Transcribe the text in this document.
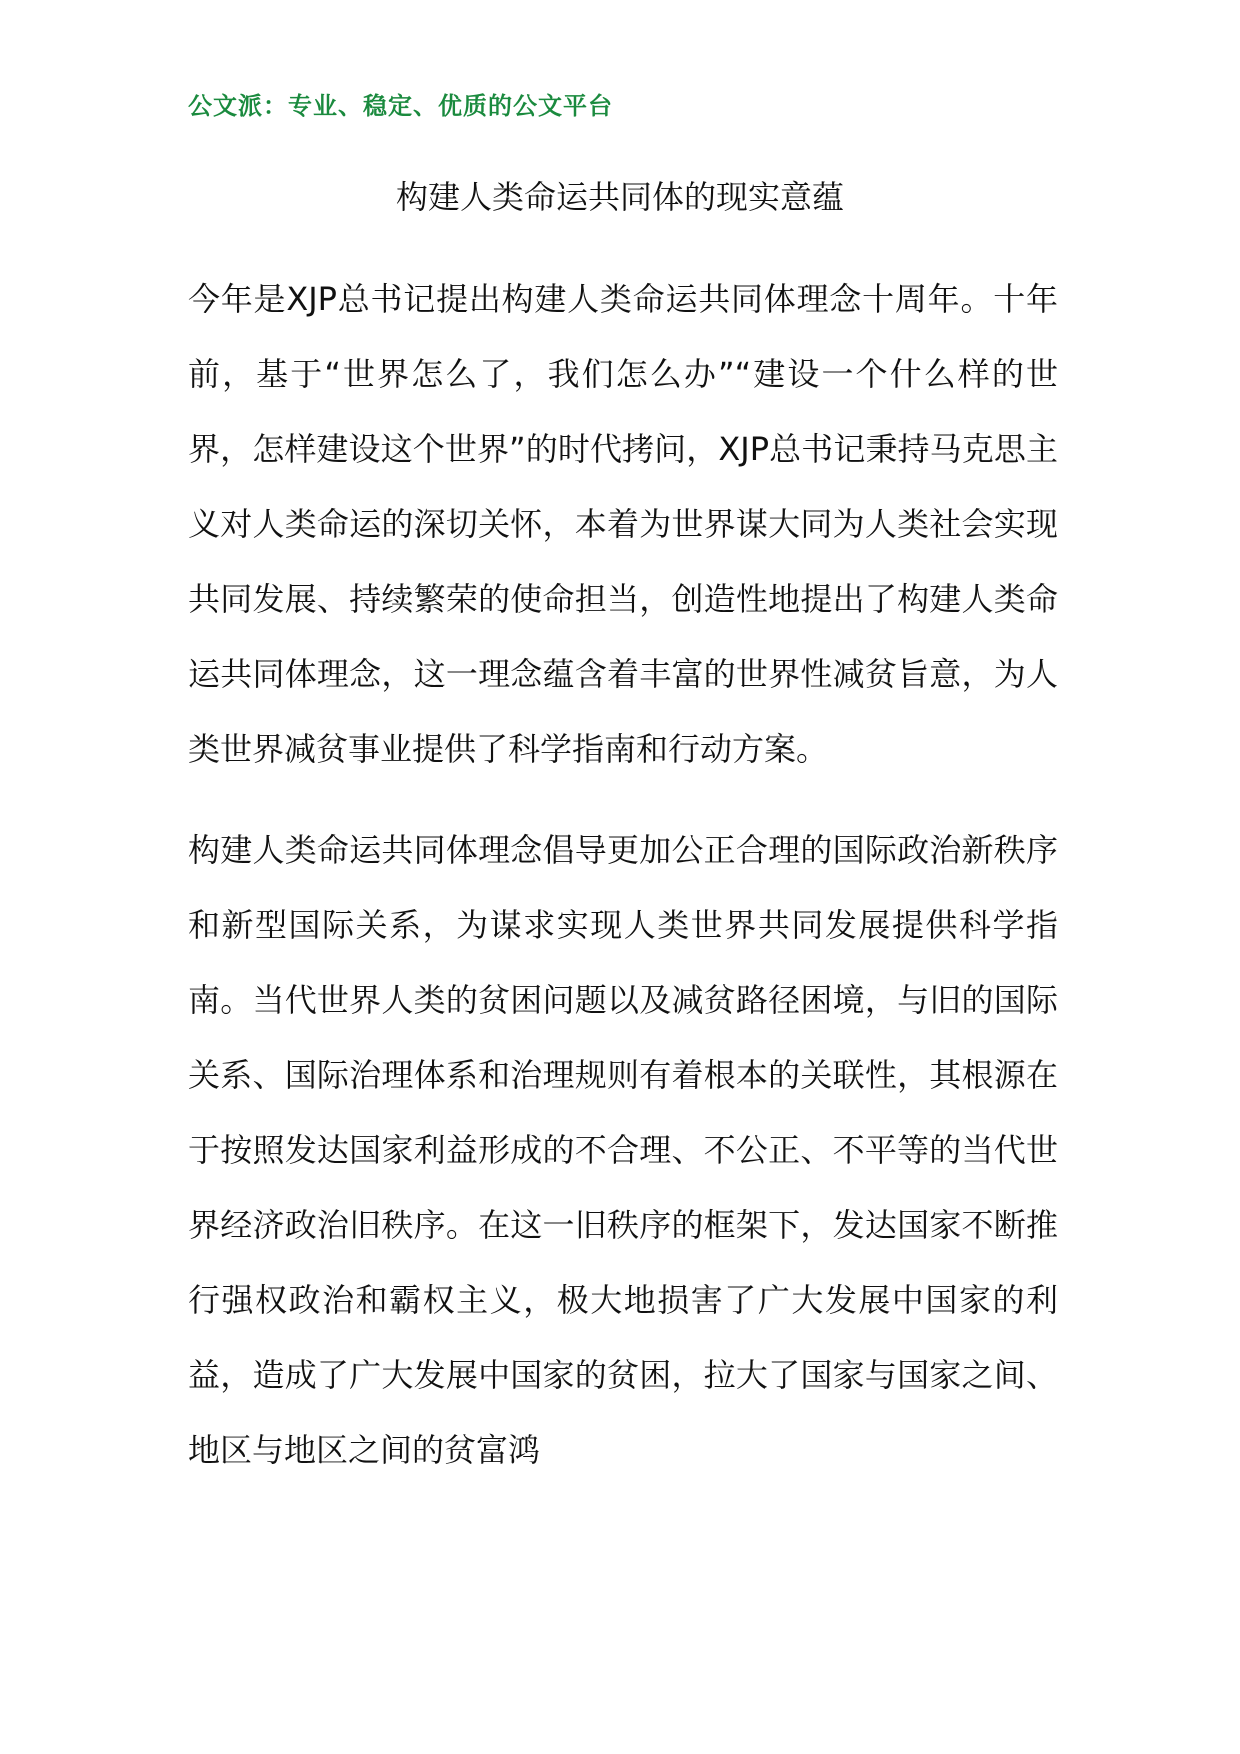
公文派：专业、稳定、优质的公文平台
构建人类命运共同体的现实意蕴

今年是XJP总书记提出构建人类命运共同体理念十周年。十年前，基于“世界怎么了，我们怎么办”“建设一个什么样的世界，怎样建设这个世界”的时代拷问，XJP总书记秉持马克思主义对人类命运的深切关怀，本着为世界谋大同为人类社会实现共同发展、持续繁荣的使命担当，创造性地提出了构建人类命运共同体理念，这一理念蕴含着丰富的世界性减贫旨意，为人类世界减贫事业提供了科学指南和行动方案。

构建人类命运共同体理念倡导更加公正合理的国际政治新秩序和新型国际关系，为谋求实现人类世界共同发展提供科学指南。当代世界人类的贫困问题以及减贫路径困境，与旧的国际关系、国际治理体系和治理规则有着根本的关联性，其根源在于按照发达国家利益形成的不合理、不公正、不平等的当代世界经济政治旧秩序。在这一旧秩序的框架下，发达国家不断推行强权政治和霸权主义，极大地损害了广大发展中国家的利益，造成了广大发展中国家的贫困，拉大了国家与国家之间、地区与地区之间的贫富鸿
